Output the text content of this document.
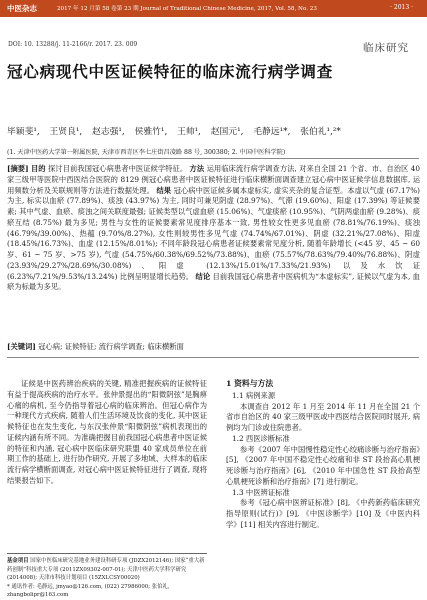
中医杂志	2017 年 12 月第 58 卷第 23 期 Journal of Traditional Chinese Medicine, 2017, Vol. 58, No. 23	· 2013 ·
DOI: 10. 13288/j. 11-2166/r. 2017. 23. 009	临床研究
冠心病现代中医证候特征的临床流行病学调查
毕颖斐¹, 王贤良¹, 赵志强¹, 侯雅竹¹, 王帅¹, 赵国元¹, 毛静远¹*, 张伯礼¹,²*
(1. 天津中医药大学第一附属医院, 天津市西青区李七庄街昌凌路 88 号, 300380; 2. 中国中医科学院)
[摘要] 目的 探讨目前我国冠心病患者中医证候学特征。 方法 运用临床流行病学调查方法, 对来自全国 21 个省、市、自治区 40 家三级甲等医院中西医结合医院的 8129 例冠心病患者中医证候特征进行临床横断面调查建立冠心病中医证候学信息数据库, 运用频数分析及关联规则等方法进行数据处理。 结果 冠心病中医证候多属本虚标实, 虚实夹杂的复合证型。本虚以气虚 (67.17%) 为主, 标实以血瘀 (77.89%)、痰浊 (43.97%) 为主, 同时可兼见阴虚 (28.97%)、气滞 (19.60%)、阳虚 (17.39%) 等证候要素; 其中气虚、血瘀、痰浊之间关联度最强; 证候类型以气虚血瘀 (15.06%)、气虚痰瘀 (10.95%)、气阴两虚血瘀 (9.28%)、痰瘀互结 (8.75%) 最为多见; 男性与女性的证候要素常见度排序基本一致, 男性较女性更多见血瘀 (78.81%/76.19%)、痰浊 (46.79%/39.00%)、热蕴 (9.70%/8.27%), 女性则较男性多见气虚 (74.74%/67.01%)、阴虚 (32.21%/27.08%)、阳虚 (18.45%/16.73%)、血虚 (12.15%/8.01%); 不同年龄段冠心病患者证候要素常见度分析, 随着年龄增长 (<45 岁、45 ~ 60 岁、61 ~ 75 岁、>75 岁), 气虚 (54.75%/60.38%/69.52%/73.88%)、血瘀 (75.57%/78.63%/79.40%/76.88%)、阴虚 (23.93%/29.27%/28.69%/30.08%)、阳虚 (12.13%/15.01%/17.33%/21.93%) 以及水饮证 (6.23%/7.21%/9.53%/13.24%) 比例呈明显增长趋势。 结论 目前我国冠心病患者中医病机为“本虚标实”, 证候以气虚为本, 血瘀为标最为多见。
[关键词] 冠心病; 证候特征; 流行病学调查; 临床横断面
证候是中医药辨治疾病的关键, 精准把握疾病的证候特征有益于提高疾病的治疗水平。张仲景提出的“阳微阴弦”是胸痹心痛的病机, 至今仍指导着冠心病的临床辨治。但冠心病作为一种现代方式疾病, 随着人们生活环境及饮食的变化, 其中医证候特征也在发生变化, 与东汉张仲景“阳微阴弦”病机表现出的证候内涵有所不同。为准确把握目前我国冠心病患者中医证候的特征和内涵, 冠心病中医临床研究联盟 40 家成员单位在前期工作的基础上, 进行协作研究, 开展了多地域、大样本的临床流行病学横断面调查, 对冠心病中医证候特征进行了调查, 现将结果报告如下。
基金项目 国家中医临床研究基地业务建设科研专项 (JDZX2012146); 国家“重大新药创制”科技重大专项 (2011ZX09302-007-01); 天津中医药大学科学研究 (2014008); 天津市科技计划项目 (15ZXLCSY00020)
* 通讯作者: 毛静远, jmyao@126.com, (022) 27986000; 张伯礼, zhangbolipr@163.com
1 资料与方法
1.1 病例来源
本调查自 2012 年 1 月至 2014 年 11 月在全国 21 个省市自治区的 40 家三级甲医或中西医结合医院同时展开, 病例均为门诊或住院患者。
1.2 西医诊断标准
参考《2007 年中国慢性稳定性心绞痛诊断与治疗指南》[5], 《2007 年中国不稳定性心绞痛和非 ST 段抬高心肌梗死诊断与治疗指南》[6], 《2010 年中国急性 ST 段抬高型心肌梗死诊断和治疗指南》[7] 进行制定。
1.3 中医辨证标准
参考《冠心病中医辨证标准》[8], 《中药新药临床研究指导原则(试行)》[9], 《中医诊断学》[10] 及《中医内科学》[11] 相关内容进行制定。
